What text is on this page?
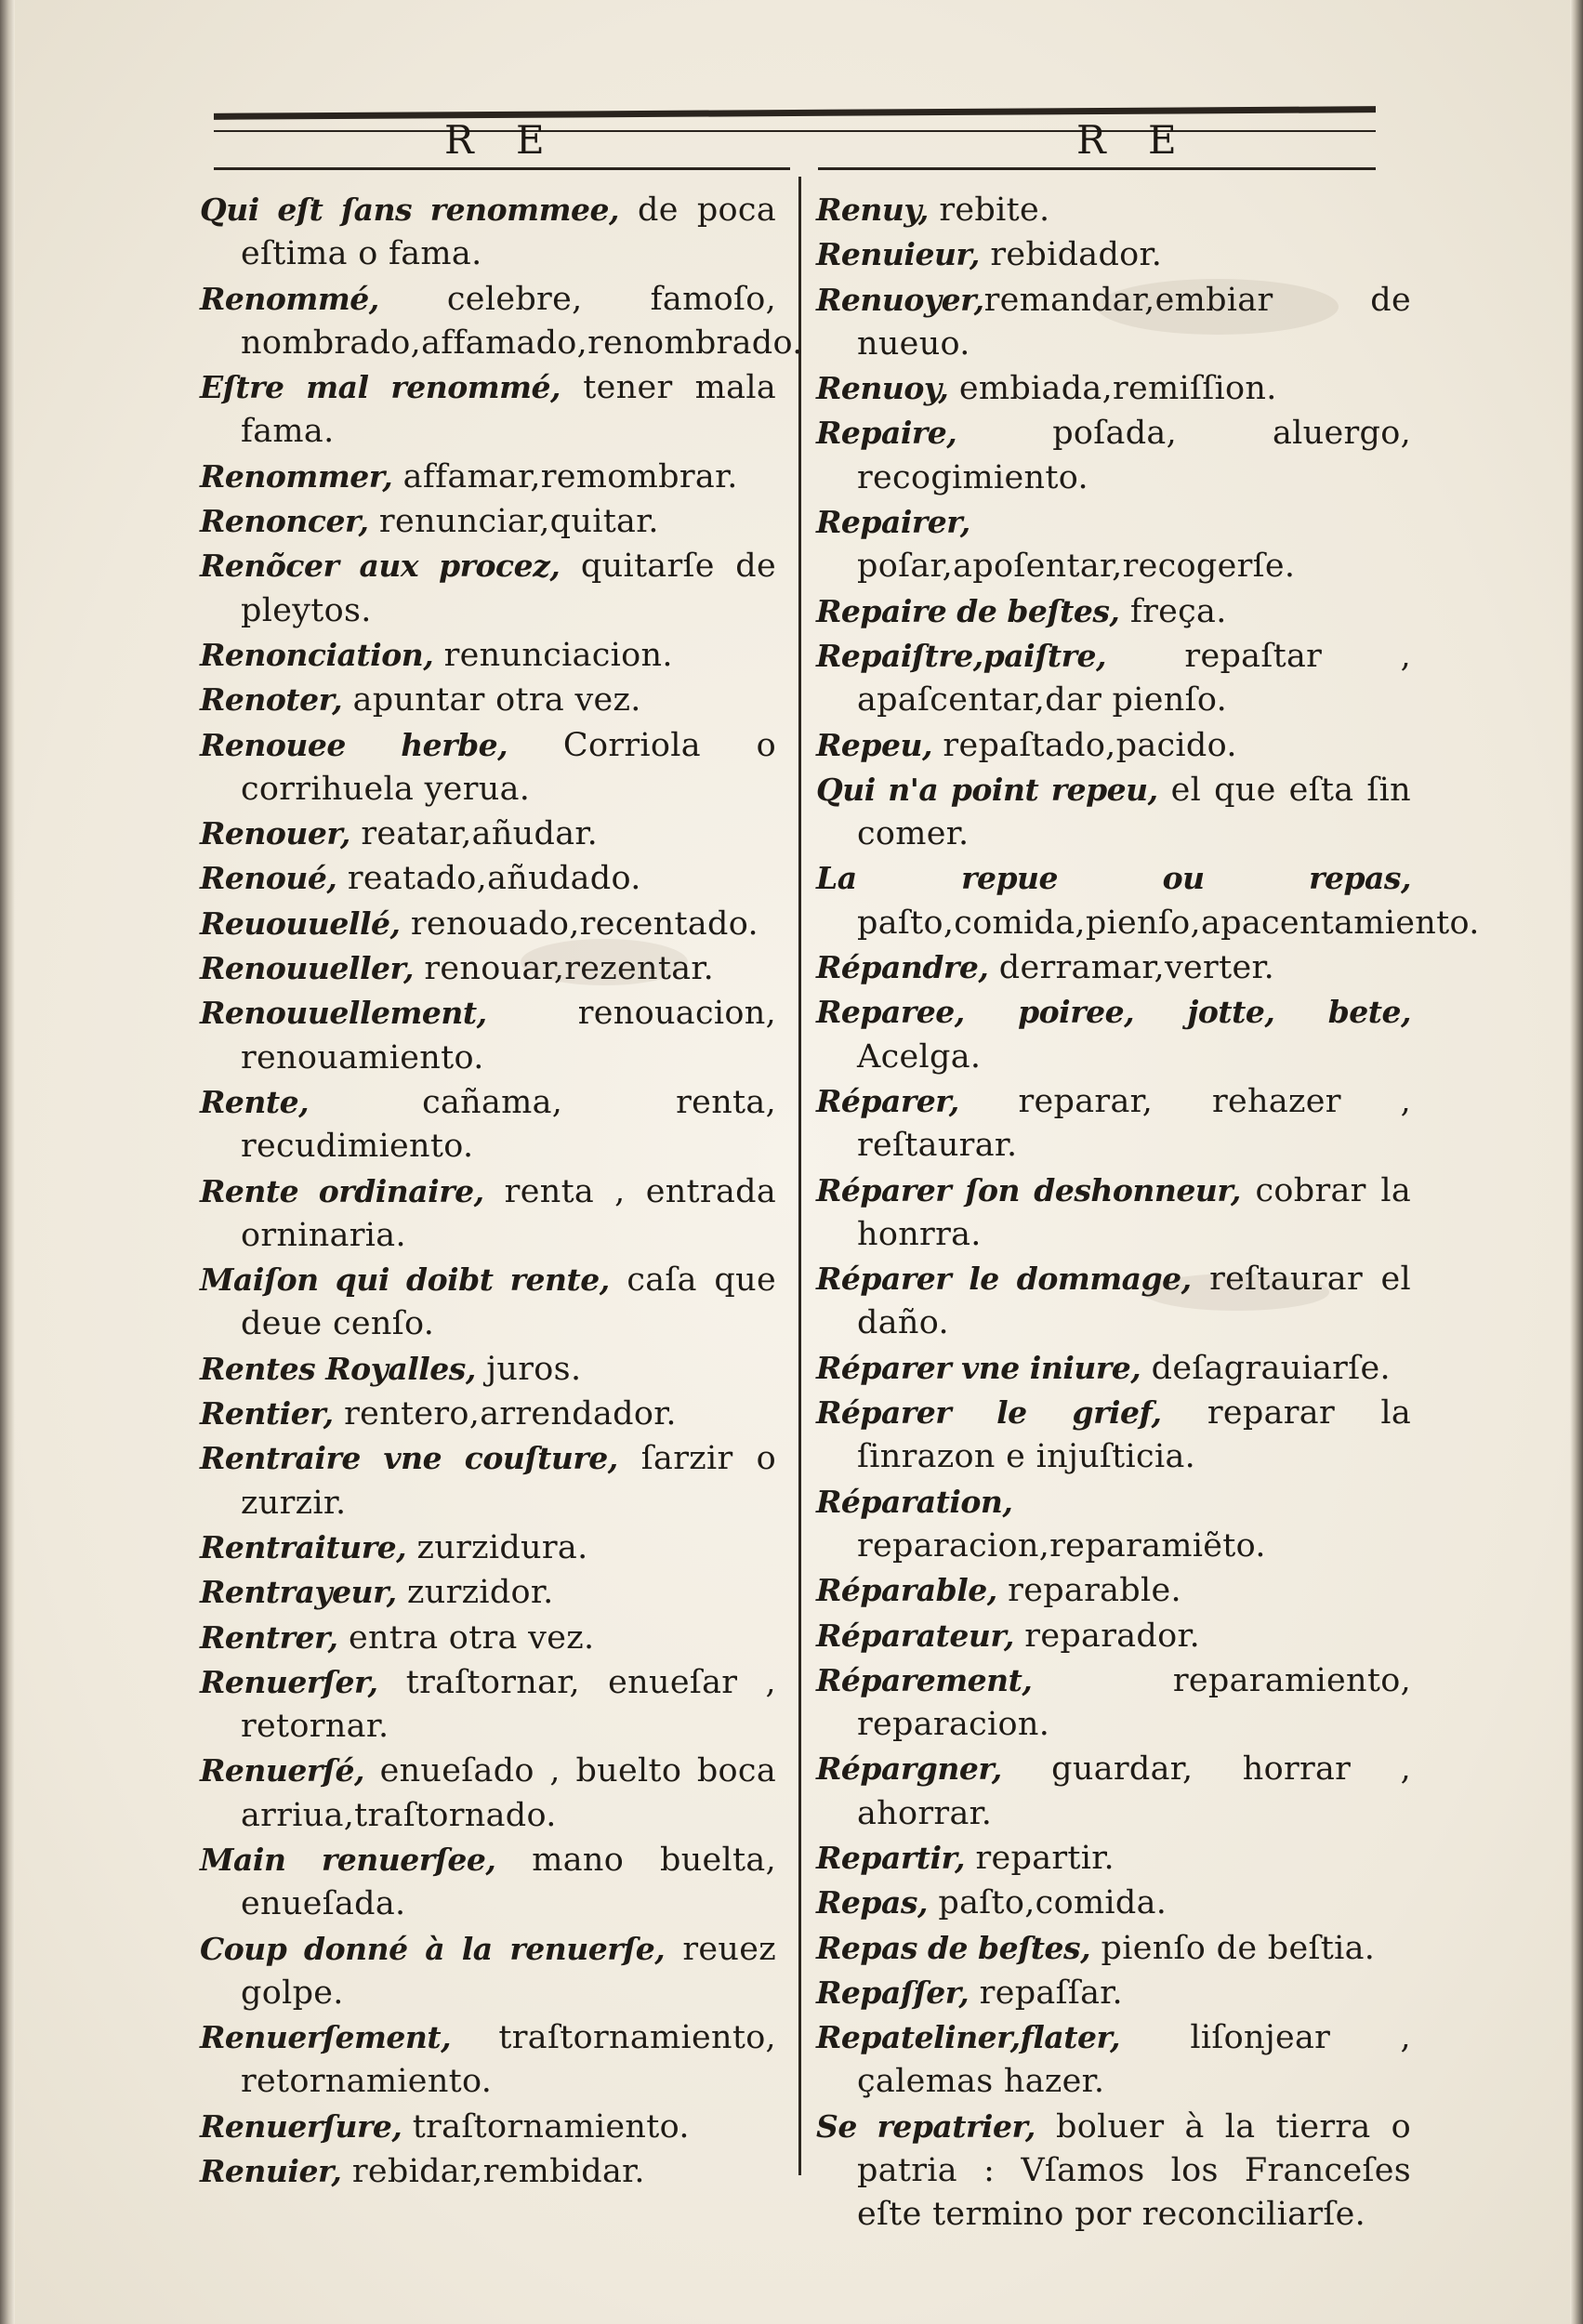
R E	R E

Qui eſt ſans renommee, de poca eſtima o fama.

Renommé, celebre, famoſo, nombrado,affamado,renombrado.

Eſtre mal renommé, tener mala fama.

Renommer, affamar,remombrar.

Renoncer, renunciar,quitar.

Renõcer aux procez, quitarſe de pleytos.

Renonciation, renunciacion.

Renoter, apuntar otra vez.

Renouee herbe, Corriola o corrihuela yerua.

Renouer, reatar,añudar.

Renoué, reatado,añudado.

Reuouuellé, renouado,recentado.

Renouueller, renouar,rezentar.

Renouuellement, renouacion, renouamiento.

Rente, cañama, renta, recudimiento.

Rente ordinaire, renta , entrada orninaria.

Maiſon qui doibt rente, caſa que deue cenſo.

Rentes Royalles, juros.

Rentier, rentero,arrendador.

Rentraire vne couſture, ſarzir o zurzir.

Rentraiture, zurzidura.

Rentrayeur, zurzidor.

Rentrer, entra otra vez.

Renuerſer, traſtornar, enueſar , retornar.

Renuerſé, enueſado , buelto boca arriua,traſtornado.

Main renuerſee, mano buelta, enueſada.

Coup donné à la renuerſe, reuez golpe.

Renuerſement, traſtornamiento, retornamiento.

Renuerſure, traſtornamiento.

Renuier, rebidar,rembidar.

Renuy, rebite.

Renuieur, rebidador.

Renuoyer,remandar,embiar de nueuo.

Renuoy, embiada,remiſſion.

Repaire, poſada, aluergo, recogimiento.

Repairer, poſar,apoſentar,recogerſe.

Repaire de beſtes, freça.

Repaiſtre,paiſtre, repaſtar , apaſcentar,dar pienſo.

Repeu, repaſtado,pacido.

Qui n'a point repeu, el que eſta ſin comer.

La repue ou repas, paſto,comida,pienſo,apacentamiento.

Répandre, derramar,verter.

Reparee, poiree, jotte, bete, Acelga.

Réparer, reparar, rehazer , reſtaurar.

Réparer ſon deshonneur, cobrar la honrra.

Réparer le dommage, reſtaurar el daño.

Réparer vne iniure, deſagrauiarſe.

Réparer le grief, reparar la ſinrazon e injuſticia.

Réparation, reparacion,reparamiẽto.

Réparable, reparable.

Réparateur, reparador.

Réparement, reparamiento, reparacion.

Répargner, guardar, horrar , ahorrar.

Repartir, repartir.

Repas, paſto,comida.

Repas de beſtes, pienſo de beſtia.

Repaſſer, repaſſar.

Repateliner,flater, liſonjear , çalemas hazer.

Se repatrier, boluer à la tierra o patria : Vſamos los Franceſes eſte termino por reconciliarſe.
